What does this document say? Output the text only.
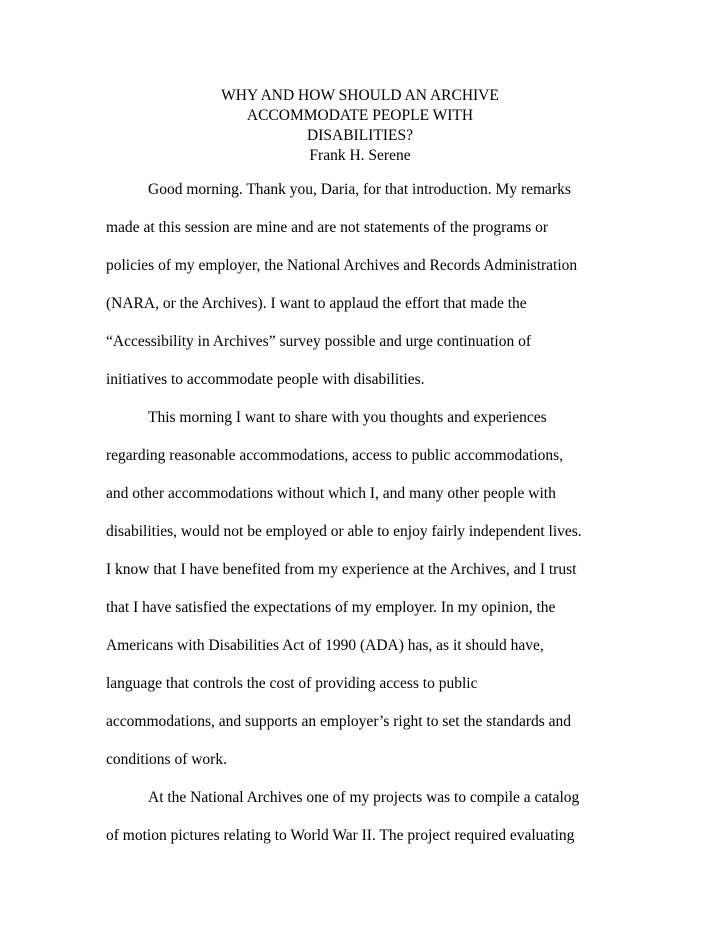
WHY AND HOW SHOULD AN ARCHIVE
ACCOMMODATE PEOPLE WITH
DISABILITIES?
Frank H. Serene
Good morning. Thank you, Daria, for that introduction. My remarks
made at this session are mine and are not statements of the programs or
policies of my employer, the National Archives and Records Administration
(NARA, or the Archives). I want to applaud the effort that made the
“Accessibility in Archives” survey possible and urge continuation of
initiatives to accommodate people with disabilities.
This morning I want to share with you thoughts and experiences
regarding reasonable accommodations, access to public accommodations,
and other accommodations without which I, and many other people with
disabilities, would not be employed or able to enjoy fairly independent lives.
I know that I have benefited from my experience at the Archives, and I trust
that I have satisfied the expectations of my employer. In my opinion, the
Americans with Disabilities Act of 1990 (ADA) has, as it should have,
language that controls the cost of providing access to public
accommodations, and supports an employer’s right to set the standards and
conditions of work.
At the National Archives one of my projects was to compile a catalog
of motion pictures relating to World War II. The project required evaluating
